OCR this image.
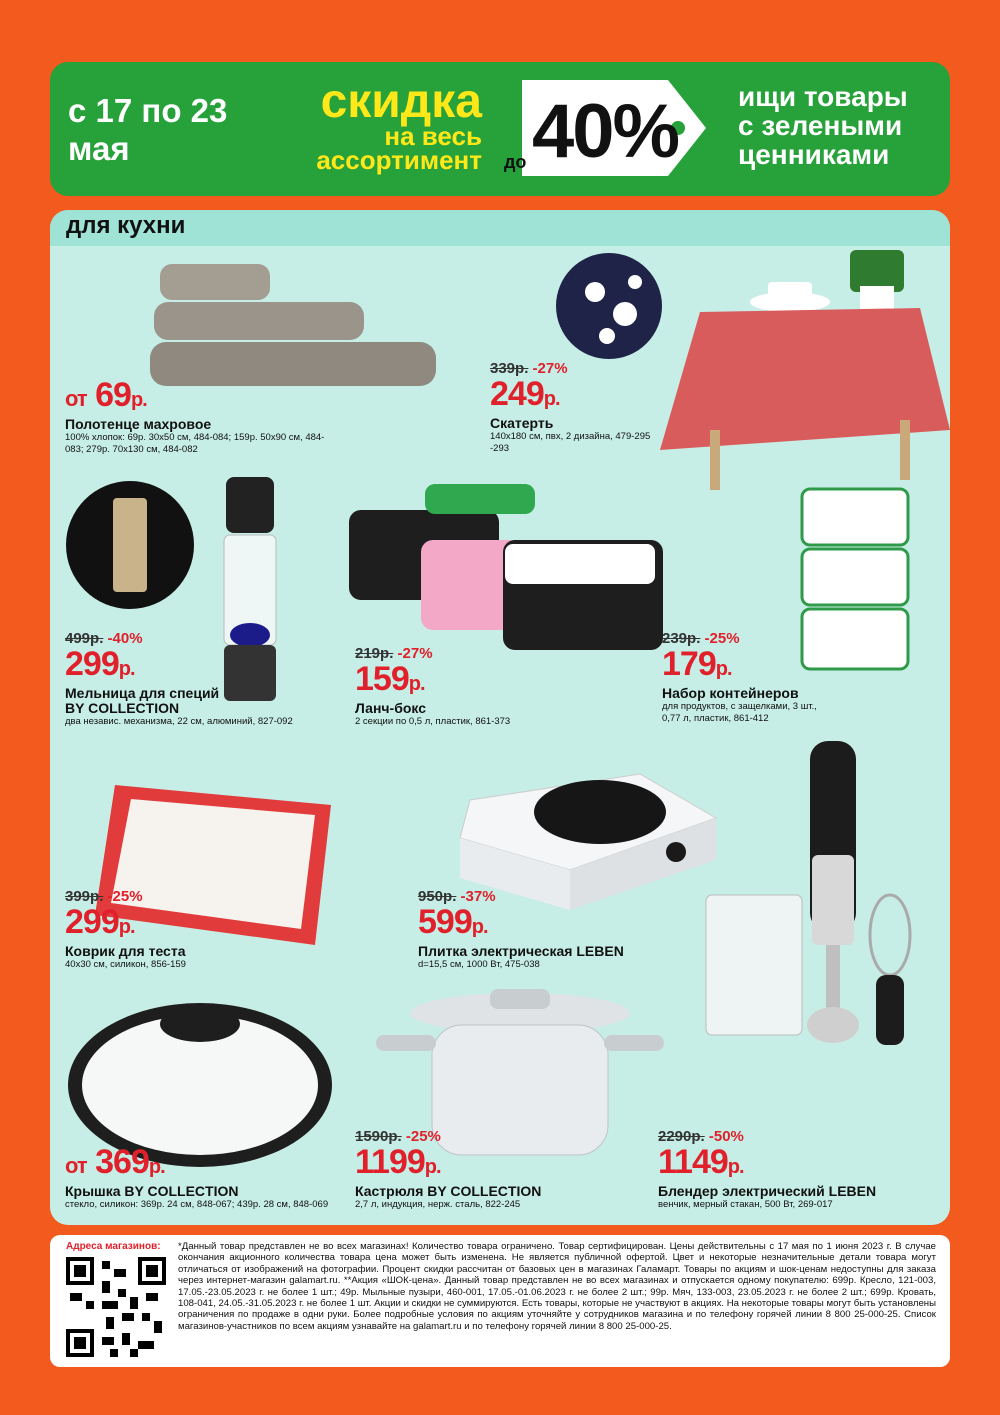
с 17 по 23
мая
скидка
на весь
ассортимент до 40% ищи товары
с зелеными
ценниками
для кухни
от 69р.
Полотенце махровое
100% хлопок: 69р. 30x50 см, 484-084; 159р. 50x90 см, 484-083; 279р. 70x130 см, 484-082
339р. -27%
249р.
Скатерть
140x180 см, пвх, 2 дизайна, 479-295 -293
499р. -40%
299р.
Мельница для специй BY COLLECTION
два независ. механизма, 22 см, алюминий, 827-092
219р. -27%
159р.
Ланч-бокс
2 секции по 0,5 л, пластик, 861-373
239р. -25%
179р.
Набор контейнеров
для продуктов, с защелками, 3 шт., 0,77 л, пластик, 861-412
399р. -25%
299р.
Коврик для теста
40x30 см, силикон, 856-159
950р. -37%
599р.
Плитка электрическая LEBEN
d=15,5 см, 1000 Вт, 475-038
от 369р.
Крышка BY COLLECTION
стекло, силикон: 369р. 24 см, 848-067; 439р. 28 см, 848-069
1590р. -25%
1199р.
Кастрюля BY COLLECTION
2,7 л, индукция, нерж. сталь, 822-245
2290р. -50%
1149р.
Блендер электрический LEBEN
венчик, мерный стакан, 500 Вт, 269-017
Адреса магазинов: *Данный товар представлен не во всех магазинах! Количество товара ограничено. Товар сертифицирован. Цены действительны с 17 мая по 1 июня 2023 г. В случае окончания акционного количества товара цена может быть изменена. Не является публичной офертой. Цвет и некоторые незначительные детали товара могут отличаться от изображений на фотографии. Процент скидки рассчитан от базовых цен в магазинах Галамарт. Товары по акциям и шок-ценам недоступны для заказа через интернет-магазин galamart.ru. **Акция «ШОК-цена». Данный товар представлен не во всех магазинах и отпускается одному покупателю: 699р. Кресло, 121-003, 17.05.-23.05.2023 г. не более 1 шт.; 49р. Мыльные пузыри, 460-001, 17.05.-01.06.2023 г. не более 2 шт.; 99р. Мяч, 133-003, 23.05.2023 г. не более 2 шт.; 699р. Кровать, 108-041, 24.05.-31.05.2023 г. не более 1 шт. Акции и скидки не суммируются. Есть товары, которые не участвуют в акциях. На некоторые товары могут быть установлены ограничения по продаже в одни руки. Более подробные условия по акциям уточняйте у сотрудников магазина и по телефону горячей линии 8 800 25-000-25. Список магазинов-участников по всем акциям узнавайте на galamart.ru и по телефону горячей линии 8 800 25-000-25.
